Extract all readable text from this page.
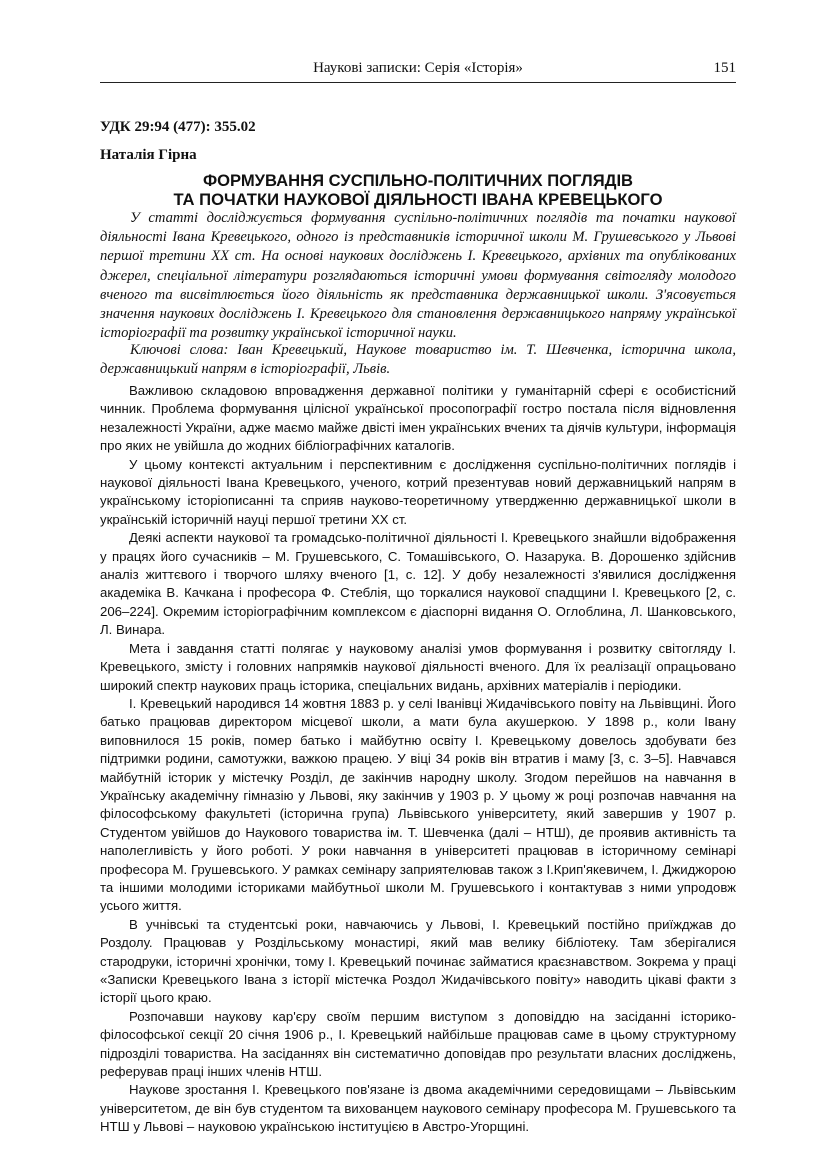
Наукові записки: Серія «Історія»	151
УДК 29:94 (477): 355.02
Наталія Гірна
ФОРМУВАННЯ СУСПІЛЬНО-ПОЛІТИЧНИХ ПОГЛЯДІВ
ТА ПОЧАТКИ НАУКОВОЇ ДІЯЛЬНОСТІ ІВАНА КРЕВЕЦЬКОГО

У статті досліджується формування суспільно-політичних поглядів та початки наукової діяльності Івана Кревецького, одного із представників історичної школи М. Грушевського у Львові першої третини ХХ ст. На основі наукових досліджень І. Кревецького, архівних та опублікованих джерел, спеціальної літератури розглядаються історичні умови формування світогляду молодого вченого та висвітлюється його діяльність як представника державницької школи. З'ясовується значення наукових досліджень І. Кревецького для становлення державницького напряму української історіографії та розвитку української історичної науки.

Ключові слова: Іван Кревецький, Наукове товариство ім. Т. Шевченка, історична школа, державницький напрям в історіографії, Львів.

Важливою складовою впровадження державної політики у гуманітарній сфері є особистісний чинник. Проблема формування цілісної української просопографії гостро постала після відновлення незалежності України, адже маємо майже двісті імен українських вчених та діячів культури, інформація про яких не увійшла до жодних бібліографічних каталогів.

У цьому контексті актуальним і перспективним є дослідження суспільно-політичних поглядів і наукової діяльності Івана Кревецького, ученого, котрий презентував новий державницький напрям в українському історіописанні та сприяв науково-теоретичному утвердженню державницької школи в українській історичній науці першої третини ХХ ст.

Деякі аспекти наукової та громадсько-політичної діяльності І. Кревецького знайшли відображення у працях його сучасників – М. Грушевського, С. Томашівського, О. Назарука. В. Дорошенко здійснив аналіз життєвого і творчого шляху вченого [1, с. 12]. У добу незалежності з'явилися дослідження академіка В. Качкана і професора Ф. Стеблія, що торкалися наукової спадщини І. Кревецького [2, с. 206–224]. Окремим історіографічним комплексом є діаспорні видання О. Оглоблина, Л. Шанковського, Л. Винара.

Мета і завдання статті полягає у науковому аналізі умов формування і розвитку світогляду І. Кревецького, змісту і головних напрямків наукової діяльності вченого. Для їх реалізації опрацьовано широкий спектр наукових праць історика, спеціальних видань, архівних матеріалів і періодики.

І. Кревецький народився 14 жовтня 1883 р. у селі Іванівці Жидачівського повіту на Львівщині. Його батько працював директором місцевої школи, а мати була акушеркою. У 1898 р., коли Івану виповнилося 15 років, помер батько і майбутню освіту І. Кревецькому довелось здобувати без підтримки родини, самотужки, важкою працею. У віці 34 років він втратив і маму [3, с. 3–5]. Навчався майбутній історик у містечку Розділ, де закінчив народну школу. Згодом перейшов на навчання в Українську академічну гімназію у Львові, яку закінчив у 1903 р. У цьому ж році розпочав навчання на філософському факультеті (історична група) Львівського університету, який завершив у 1907 р. Студентом увійшов до Наукового товариства ім. Т. Шевченка (далі – НТШ), де проявив активність та наполегливість у його роботі. У роки навчання в університеті працював в історичному семінарі професора М. Грушевського. У рамках семінару заприятелював також з І.Крип'якевичем, І. Джиджорою та іншими молодими істориками майбутньої школи М. Грушевського і контактував з ними упродовж усього життя.

В учнівські та студентські роки, навчаючись у Львові, І. Кревецький постійно приїжджав до Роздолу. Працював у Роздільському монастирі, який мав велику бібліотеку. Там зберігалися стародруки, історичні хронічки, тому І. Кревецький починає займатися краєзнавством. Зокрема у праці «Записки Кревецького Івана з історії містечка Роздол Жидачівського повіту» наводить цікаві факти з історії цього краю.

Розпочавши наукову кар'єру своїм першим виступом з доповіддю на засіданні історико-філософської секції 20 січня 1906 р., І. Кревецький найбільше працював саме в цьому структурному підрозділі товариства. На засіданнях він систематично доповідав про результати власних досліджень, реферував праці інших членів НТШ.

Наукове зростання І. Кревецького пов'язане із двома академічними середовищами – Львівським університетом, де він був студентом та вихованцем наукового семінару професора М. Грушевського та НТШ у Львові – науковою українською інституцією в Австро-Угорщині.
